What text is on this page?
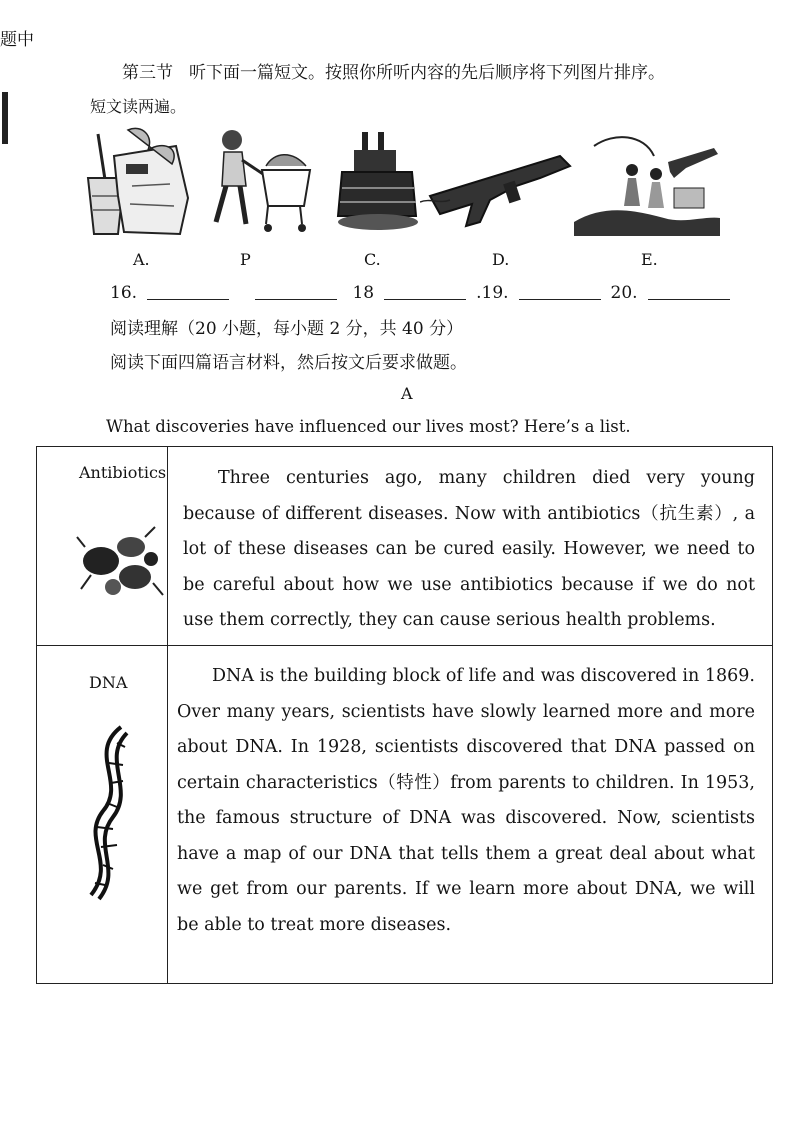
题中
第三节 听下面一篇短文。按照你所听内容的先后顺序将下列图片排序。
短文读两遍。
A.	P	C.	D.	E.
16.	18	.19.	20.
阅读理解（20 小题，每小题 2 分，共 40 分）
阅读下面四篇语言材料，然后按文后要求做题。
A
What discoveries have influenced our lives most? Here’s a list.
Antibiotics	Three centuries ago, many children died very young because of different diseases. Now with antibiotics（抗生素）, a lot of these diseases can be cured easily. However, we need to be careful about how we use antibiotics because if we do not use them correctly, they can cause serious health problems.
DNA	DNA is the building block of life and was discovered in 1869. Over many years, scientists have slowly learned more and more about DNA. In 1928, scientists discovered that DNA passed on certain characteristics（特性）from parents to children. In 1953, the famous structure of DNA was discovered. Now, scientists have a map of our DNA that tells them a great deal about what we get from our parents. If we learn more about DNA, we will be able to treat more diseases.
